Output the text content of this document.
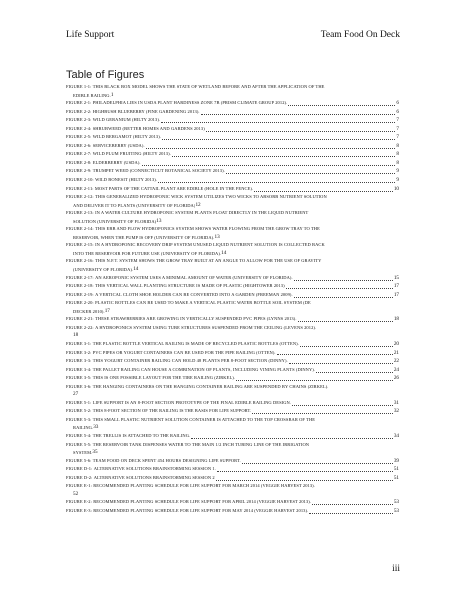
Life Support	Team Food On Deck
Table of Figures
FIGURE 1-1: THIS BLACK BOX MODEL SHOWS THE STATE OF WETLAND BEFORE AND AFTER THE APPLICATION OF THE
EDIBLE RAILING. 1
FIGURE 2-1: PHILADELPHIA LIES IN USDA PLANT HARDINESS ZONE 7B (PRISM CLIMATE GROUP 2012).	6
FIGURE 2-2: HIGHBUSH BLUEBERRY (FINE GARDENING 2013).	6
FIGURE 2-3: WILD GERANIUM (HILTY 2013).	7
FIGURE 2-4: SHRUBWEED (BETTER HOMES AND GARDENS 2013)	7
FIGURE 2-5: WILD BERGAMOT (HILTY 2013).	7
FIGURE 2-6: SERVICEBERRY (USDA).	8
FIGURE 2-7: WILD PLUM FRUITING (HILTY 2013).	8
FIGURE 2-8: ELDERBERRY (USDA).	8
FIGURE 2-9: TRUMPET WEED (CONNECTICUT BOTANICAL SOCIETY 2013).	9
FIGURE 2-10: WILD BONESIT (HILTY 2013).	9
FIGURE 2-11: MOST PARTS OF THE CATTAIL PLANT ARE EDIBLE (HOLE IN THE FENCE).	10
FIGURE 2-12: THIS GENERALIZED HYDROPONIC WICK SYSTEM UTILIZES TWO WICKS TO ABSORB NUTRIENT SOLUTION
AND DELIVER IT TO PLANTS (UNIVERSITY OF FLORIDA) 12
FIGURE 2-13: IN A WATER CULTURE HYDROPONIC SYSTEM PLANTS FLOAT DIRECTLY IN THE LIQUID NUTRIENT
SOLUTION (UNIVERSITY OF FLORIDA) 13
FIGURE 2-14: THIS EBB AND FLOW HYDROPONICS SYSTEM SHOWS WATER FLOWING FROM THE GROW TRAY TO THE
RESERVOIR, WHEN THE PUMP IS OFF (UNIVERSITY OF FLORIDA). 13
FIGURE 2-15: IN A HYDROPONIC RECOVERY DRIP SYSTEM UNUSED LIQUID NUTRIENT SOLUTION IS COLLECTED BACK
INTO THE RESERVOIR FOR FUTURE USE (UNIVERSITY OF FLORIDA). 14
FIGURE 2-16: THIS N.F.T. SYSTEM SHOWS THE GROW TRAY BUILT AT AN ANGLE TO ALLOW FOR THE USE OF GRAVITY
(UNIVERSITY OF FLORIDA). 14
FIGURE 2-17: AN AEROPONIC SYSTEM USES A MINIMAL AMOUNT OF WATER (UNIVERSITY OF FLORIDA).	15
FIGURE 2-18: THIS VERTICAL WALL PLANTING STRUCTURE IS MADE OF PLASTIC (HIGHTOWER 2013)	17
FIGURE 2-19: A VERTICAL CLOTH SHOE HOLDER CAN BE CONVERTED INTO A GARDEN (FREEMAN 2009).	17
FIGURE 2-20: PLASTIC BOTTLES CAN BE USED TO MAKE A VERTICAL PLASTIC WATER BOTTLE SOIL SYSTEM (DE
DECKER 2010). 17
FIGURE 2-21: THESE STRAWBERRIES ARE GROWING IN VERTICALLY SUSPENDED PVC PIPES (LYNNS 2013).	18
FIGURE 2-22: A HYDROPONICS SYSTEM USING TUBE STRUCTURES SUSPENDED FROM THE CEILING (LEVENS 2012).
18
FIGURE 3-1: THE PLASTIC BOTTLE VERTICAL RAILING IS MADE OF RECYCLED PLASTIC BOTTLES (OTTEN).	20
FIGURE 3-2: PVC PIPES OR YOGURT CONTAINERS CAN BE USED FOR THE PIPE RAILING (OTTEN).	21
FIGURE 3-3: THIS YOGURT CONTAINER RAILING CAN HOLD 48 PLANTS PER 8-FOOT SECTION (DINNY).	22
FIGURE 3-4: THE PALLET RAILING CAN HOUSE A COMBINATION OF PLANTS, INCLUDING VINING PLANTS (DINNY).	24
FIGURE 3-5: THIS IS ONE POSSIBLE LAYOUT FOR THE TIRE RAILING (ZIRKEL).	26
FIGURE 3-6: THE HANGING CONTAINERS ON THE HANGING CONTAINER RAILING ARE SUSPENDED BY CHAINS (ZIRKEL).
27
FIGURE 5-1: LIFE SUPPORT IS AN 8-FOOT SECTION PROTOTYPE OF THE FINAL EDIBLE RAILING DESIGN.	31
FIGURE 5-2: THIS 8-FOOT SECTION OF THE RAILING IS THE BASIS FOR LIFE SUPPORT.	32
FIGURE 5-3: THIS SMALL PLASTIC NUTRIENT SOLUTION CONTAINER IS ATTACHED TO THE TOP CROSSBAR OF THE
RAILING. 33
FIGURE 5-4: THE TRELLIS IS ATTACHED TO THE RAILING.	34
FIGURE 5-5: THE RESERVOIR TANK DISPENSES WATER TO THE MAIN 1/2 INCH TUBING LINE OF THE IRRIGATION
SYSTEM. 35
FIGURE 5-6: TEAM FOOD ON DECK SPENT 454 HOURS DESIGNING LIFE SUPPORT.	39
FIGURE D-1: ALTERNATIVE SOLUTIONS BRAINSTORMING SESSION 1.	51
FIGURE D-2: ALTERNATIVE SOLUTIONS BRAINSTORMING SESSION 2	51
FIGURE E-1: RECOMMENDED PLANTING SCHEDULE FOR LIFE SUPPORT FOR MARCH 2014 (VEGGIE HARVEST 2013).
52
FIGURE E-2: RECOMMENDED PLANTING SCHEDULE FOR LIFE SUPPORT FOR APRIL 2014 (VEGGIE HARVEST 2013).	53
FIGURE E-3: RECOMMENDED PLANTING SCHEDULE FOR LIFE SUPPORT FOR MAY 2014 (VEGGIE HARVEST 2013).	53
iii
